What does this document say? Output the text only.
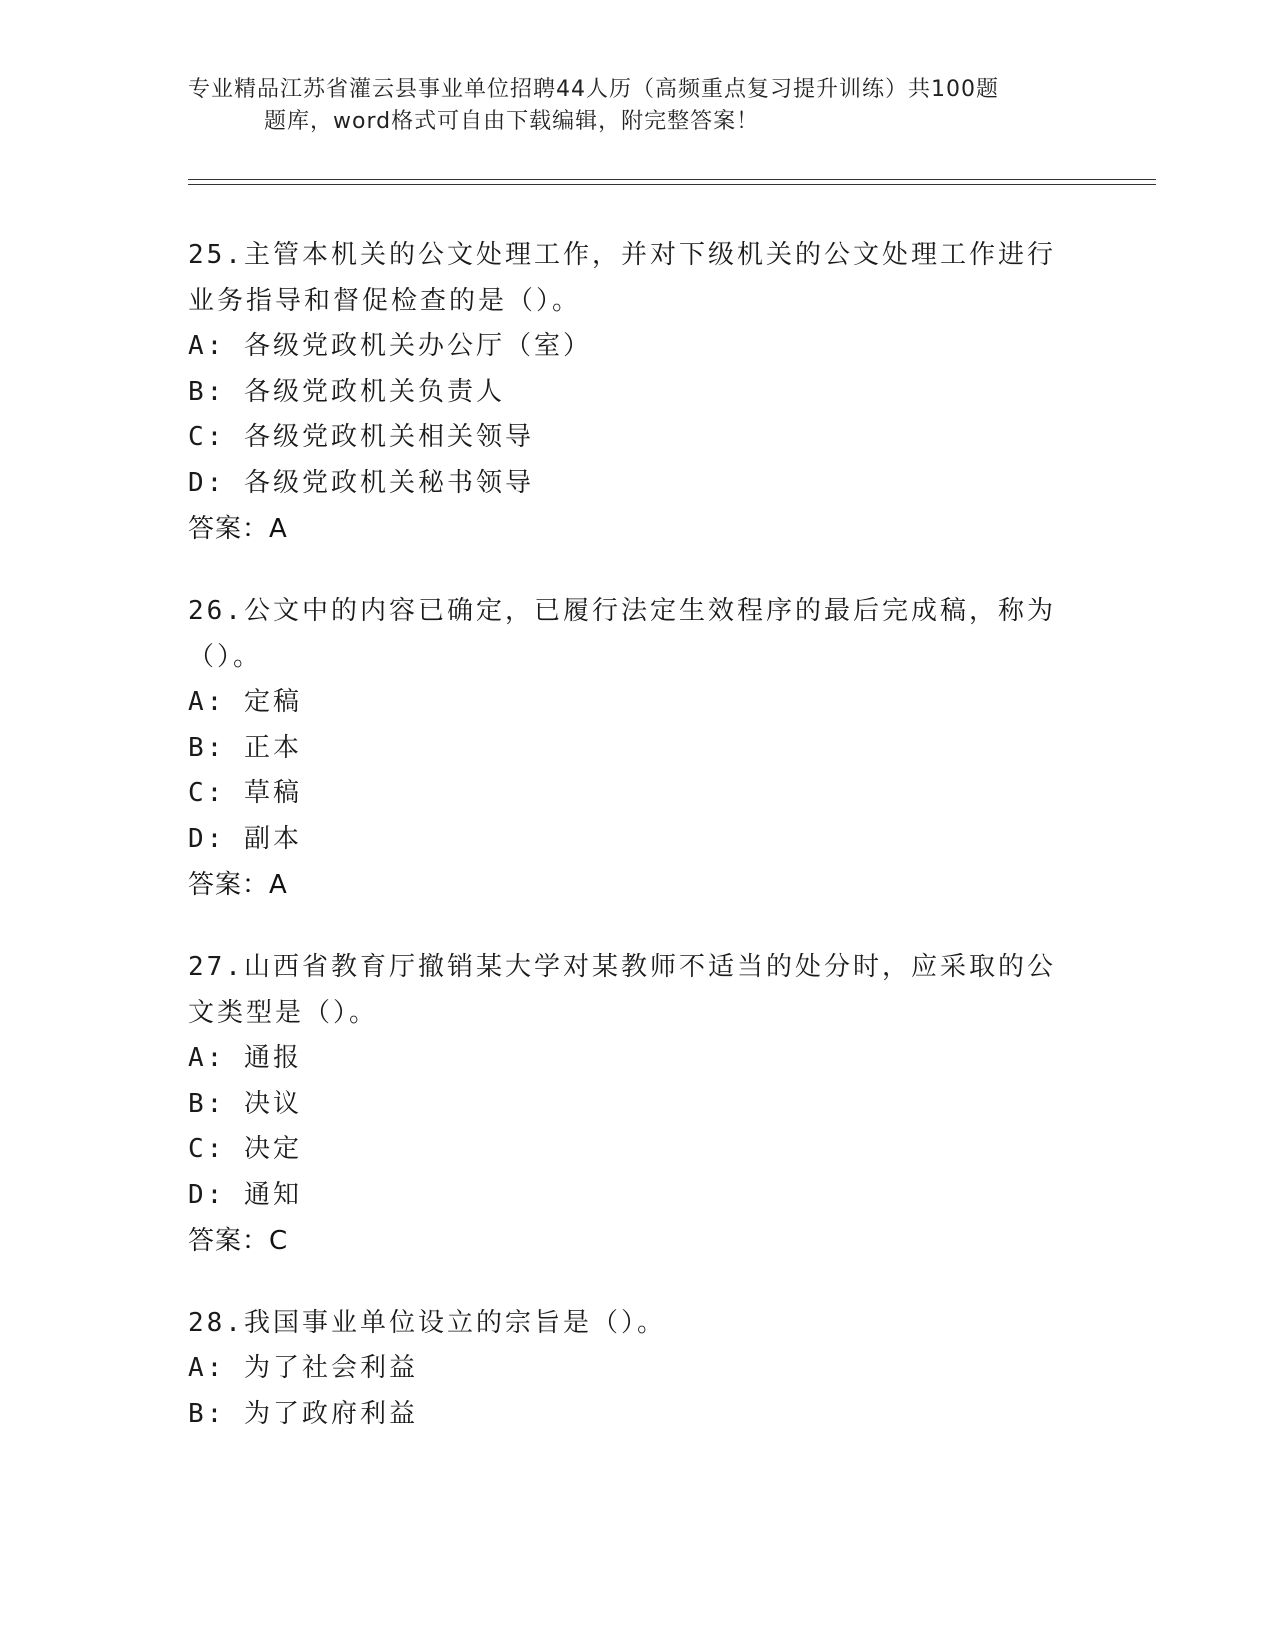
专业精品江苏省灌云县事业单位招聘44人历（高频重点复习提升训练）共100题
题库，word格式可自由下载编辑，附完整答案！
25.主管本机关的公文处理工作，并对下级机关的公文处理工作进行业务指导和督促检查的是（）。
A: 各级党政机关办公厅（室）
B: 各级党政机关负责人
C: 各级党政机关相关领导
D: 各级党政机关秘书领导
答案：A
26.公文中的内容已确定，已履行法定生效程序的最后完成稿，称为（）。
A: 定稿
B: 正本
C: 草稿
D: 副本
答案：A
27.山西省教育厅撤销某大学对某教师不适当的处分时，应采取的公文类型是（）。
A: 通报
B: 决议
C: 决定
D: 通知
答案：C
28.我国事业单位设立的宗旨是（）。
A: 为了社会利益
B: 为了政府利益
